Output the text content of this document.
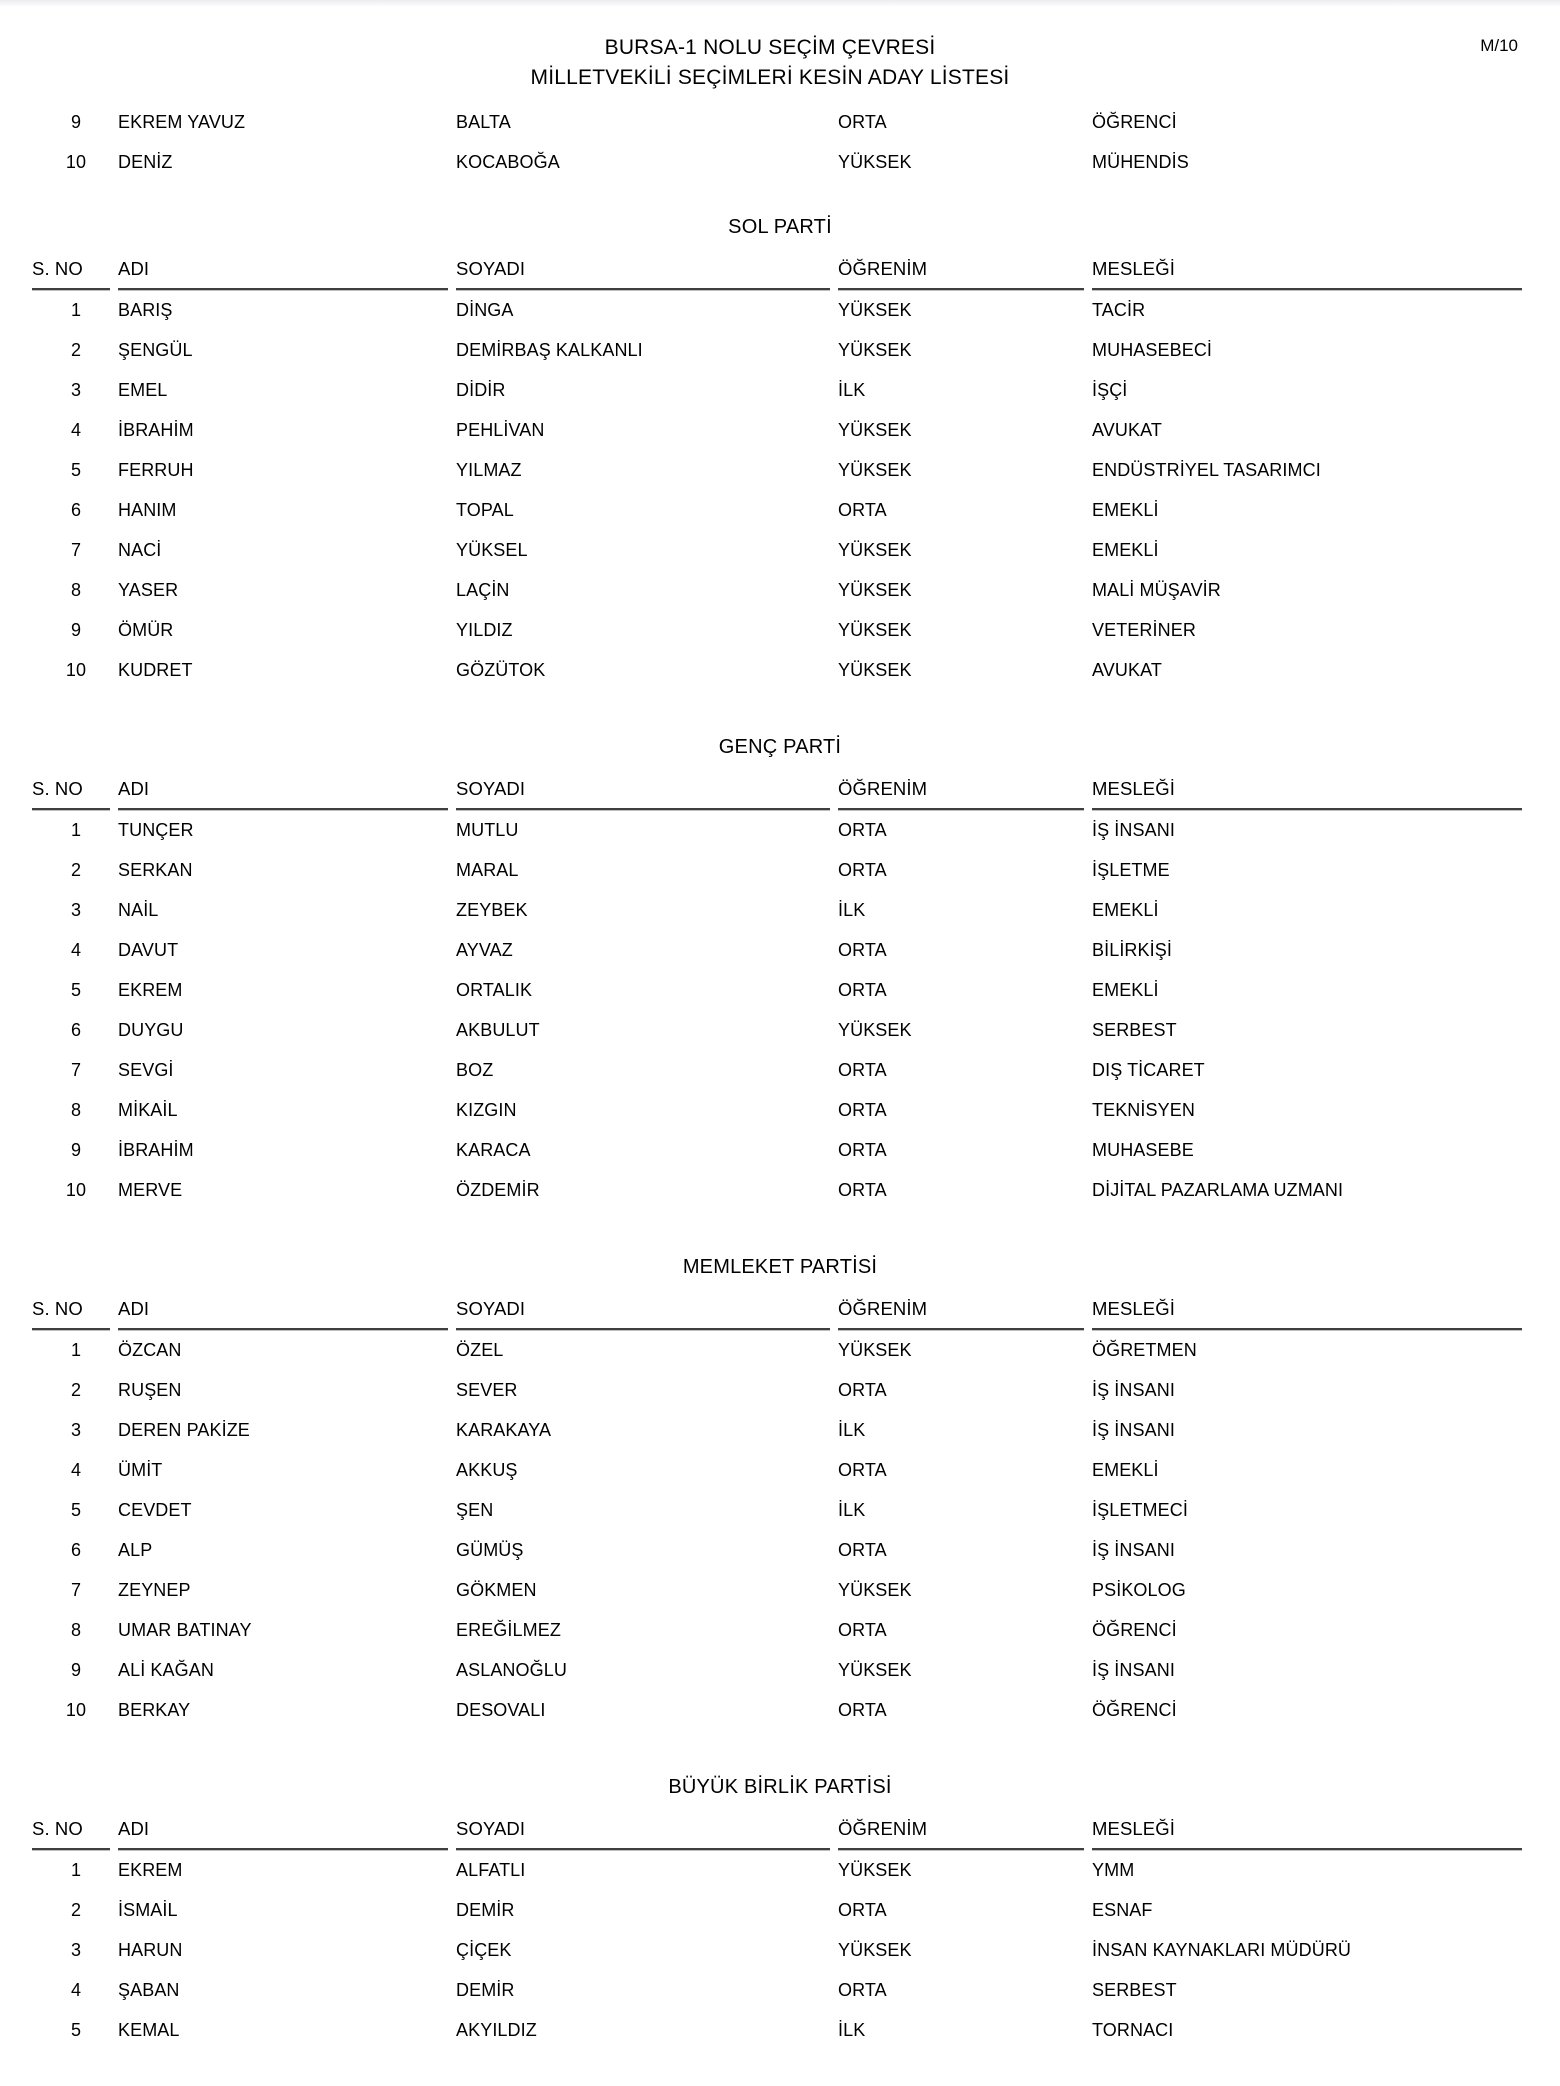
BURSA-1 NOLU SEÇİM ÇEVRESİ
MİLLETVEKİLİ SEÇİMLERİ KESİN ADAY LİSTESİ
M/10
9	EKREM YAVUZ	BALTA	ORTA	ÖĞRENCİ
10	DENİZ	KOCABOĞA	YÜKSEK	MÜHENDİS
SOL PARTİ
S. NO	ADI	SOYADI	ÖĞRENİM	MESLEĞİ
1	BARIŞ	DİNGA	YÜKSEK	TACİR
2	ŞENGÜL	DEMİRBAŞ KALKANLI	YÜKSEK	MUHASEBECİ
3	EMEL	DİDİR	İLK	İŞÇİ
4	İBRAHİM	PEHLİVAN	YÜKSEK	AVUKAT
5	FERRUH	YILMAZ	YÜKSEK	ENDÜSTRİYEL TASARIMCI
6	HANIM	TOPAL	ORTA	EMEKLİ
7	NACİ	YÜKSEL	YÜKSEK	EMEKLİ
8	YASER	LAÇİN	YÜKSEK	MALİ MÜŞAVİR
9	ÖMÜR	YILDIZ	YÜKSEK	VETERİNER
10	KUDRET	GÖZÜTOK	YÜKSEK	AVUKAT
GENÇ PARTİ
S. NO	ADI	SOYADI	ÖĞRENİM	MESLEĞİ
1	TUNÇER	MUTLU	ORTA	İŞ İNSANI
2	SERKAN	MARAL	ORTA	İŞLETME
3	NAİL	ZEYBEK	İLK	EMEKLİ
4	DAVUT	AYVAZ	ORTA	BİLİRKİŞİ
5	EKREM	ORTALIK	ORTA	EMEKLİ
6	DUYGU	AKBULUT	YÜKSEK	SERBEST
7	SEVGİ	BOZ	ORTA	DIŞ TİCARET
8	MİKAİL	KIZGIN	ORTA	TEKNİSYEN
9	İBRAHİM	KARACA	ORTA	MUHASEBE
10	MERVE	ÖZDEMİR	ORTA	DİJİTAL PAZARLAMA UZMANI
MEMLEKET PARTİSİ
S. NO	ADI	SOYADI	ÖĞRENİM	MESLEĞİ
1	ÖZCAN	ÖZEL	YÜKSEK	ÖĞRETMEN
2	RUŞEN	SEVER	ORTA	İŞ İNSANI
3	DEREN PAKİZE	KARAKAYA	İLK	İŞ İNSANI
4	ÜMİT	AKKUŞ	ORTA	EMEKLİ
5	CEVDET	ŞEN	İLK	İŞLETMECİ
6	ALP	GÜMÜŞ	ORTA	İŞ İNSANI
7	ZEYNEP	GÖKMEN	YÜKSEK	PSİKOLOG
8	UMAR BATINAY	EREĞİLMEZ	ORTA	ÖĞRENCİ
9	ALİ KAĞAN	ASLANOĞLU	YÜKSEK	İŞ İNSANI
10	BERKAY	DESOVALI	ORTA	ÖĞRENCİ
BÜYÜK BİRLİK PARTİSİ
S. NO	ADI	SOYADI	ÖĞRENİM	MESLEĞİ
1	EKREM	ALFATLI	YÜKSEK	YMM
2	İSMAİL	DEMİR	ORTA	ESNAF
3	HARUN	ÇİÇEK	YÜKSEK	İNSAN KAYNAKLARI MÜDÜRÜ
4	ŞABAN	DEMİR	ORTA	SERBEST
5	KEMAL	AKYILDIZ	İLK	TORNACI
